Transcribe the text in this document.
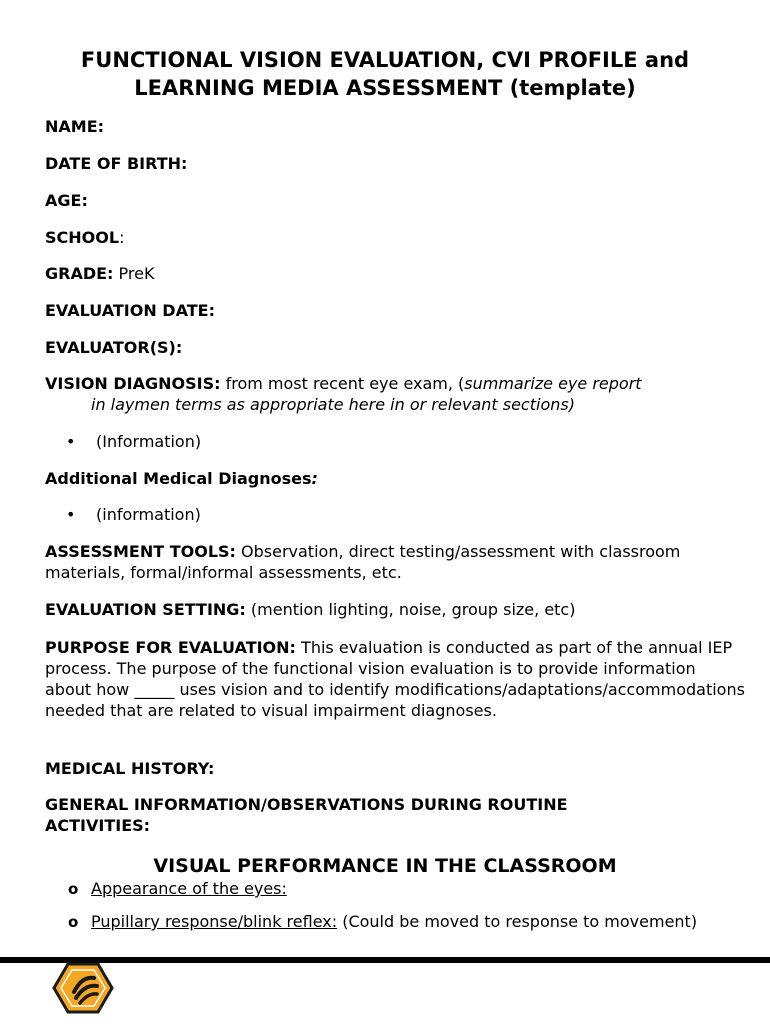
FUNCTIONAL VISION EVALUATION, CVI PROFILE and
LEARNING MEDIA ASSESSMENT (template)
NAME:
DATE OF BIRTH:
AGE:
SCHOOL:
GRADE: PreK
EVALUATION DATE:
EVALUATOR(S):
VISION DIAGNOSIS: from most recent eye exam, (summarize eye report
in laymen terms as appropriate here in or relevant sections)
• (Information)
Additional Medical Diagnoses:
• (information)
ASSESSMENT TOOLS: Observation, direct testing/assessment with classroom materials, formal/informal assessments, etc.
EVALUATION SETTING: (mention lighting, noise, group size, etc)
PURPOSE FOR EVALUATION: This evaluation is conducted as part of the annual IEP process. The purpose of the functional vision evaluation is to provide information about how _____ uses vision and to identify modifications/adaptations/accommodations needed that are related to visual impairment diagnoses.
MEDICAL HISTORY:
GENERAL INFORMATION/OBSERVATIONS DURING ROUTINE
ACTIVITIES:
VISUAL PERFORMANCE IN THE CLASSROOM
o Appearance of the eyes:
o Pupillary response/blink reflex: (Could be moved to response to movement)
